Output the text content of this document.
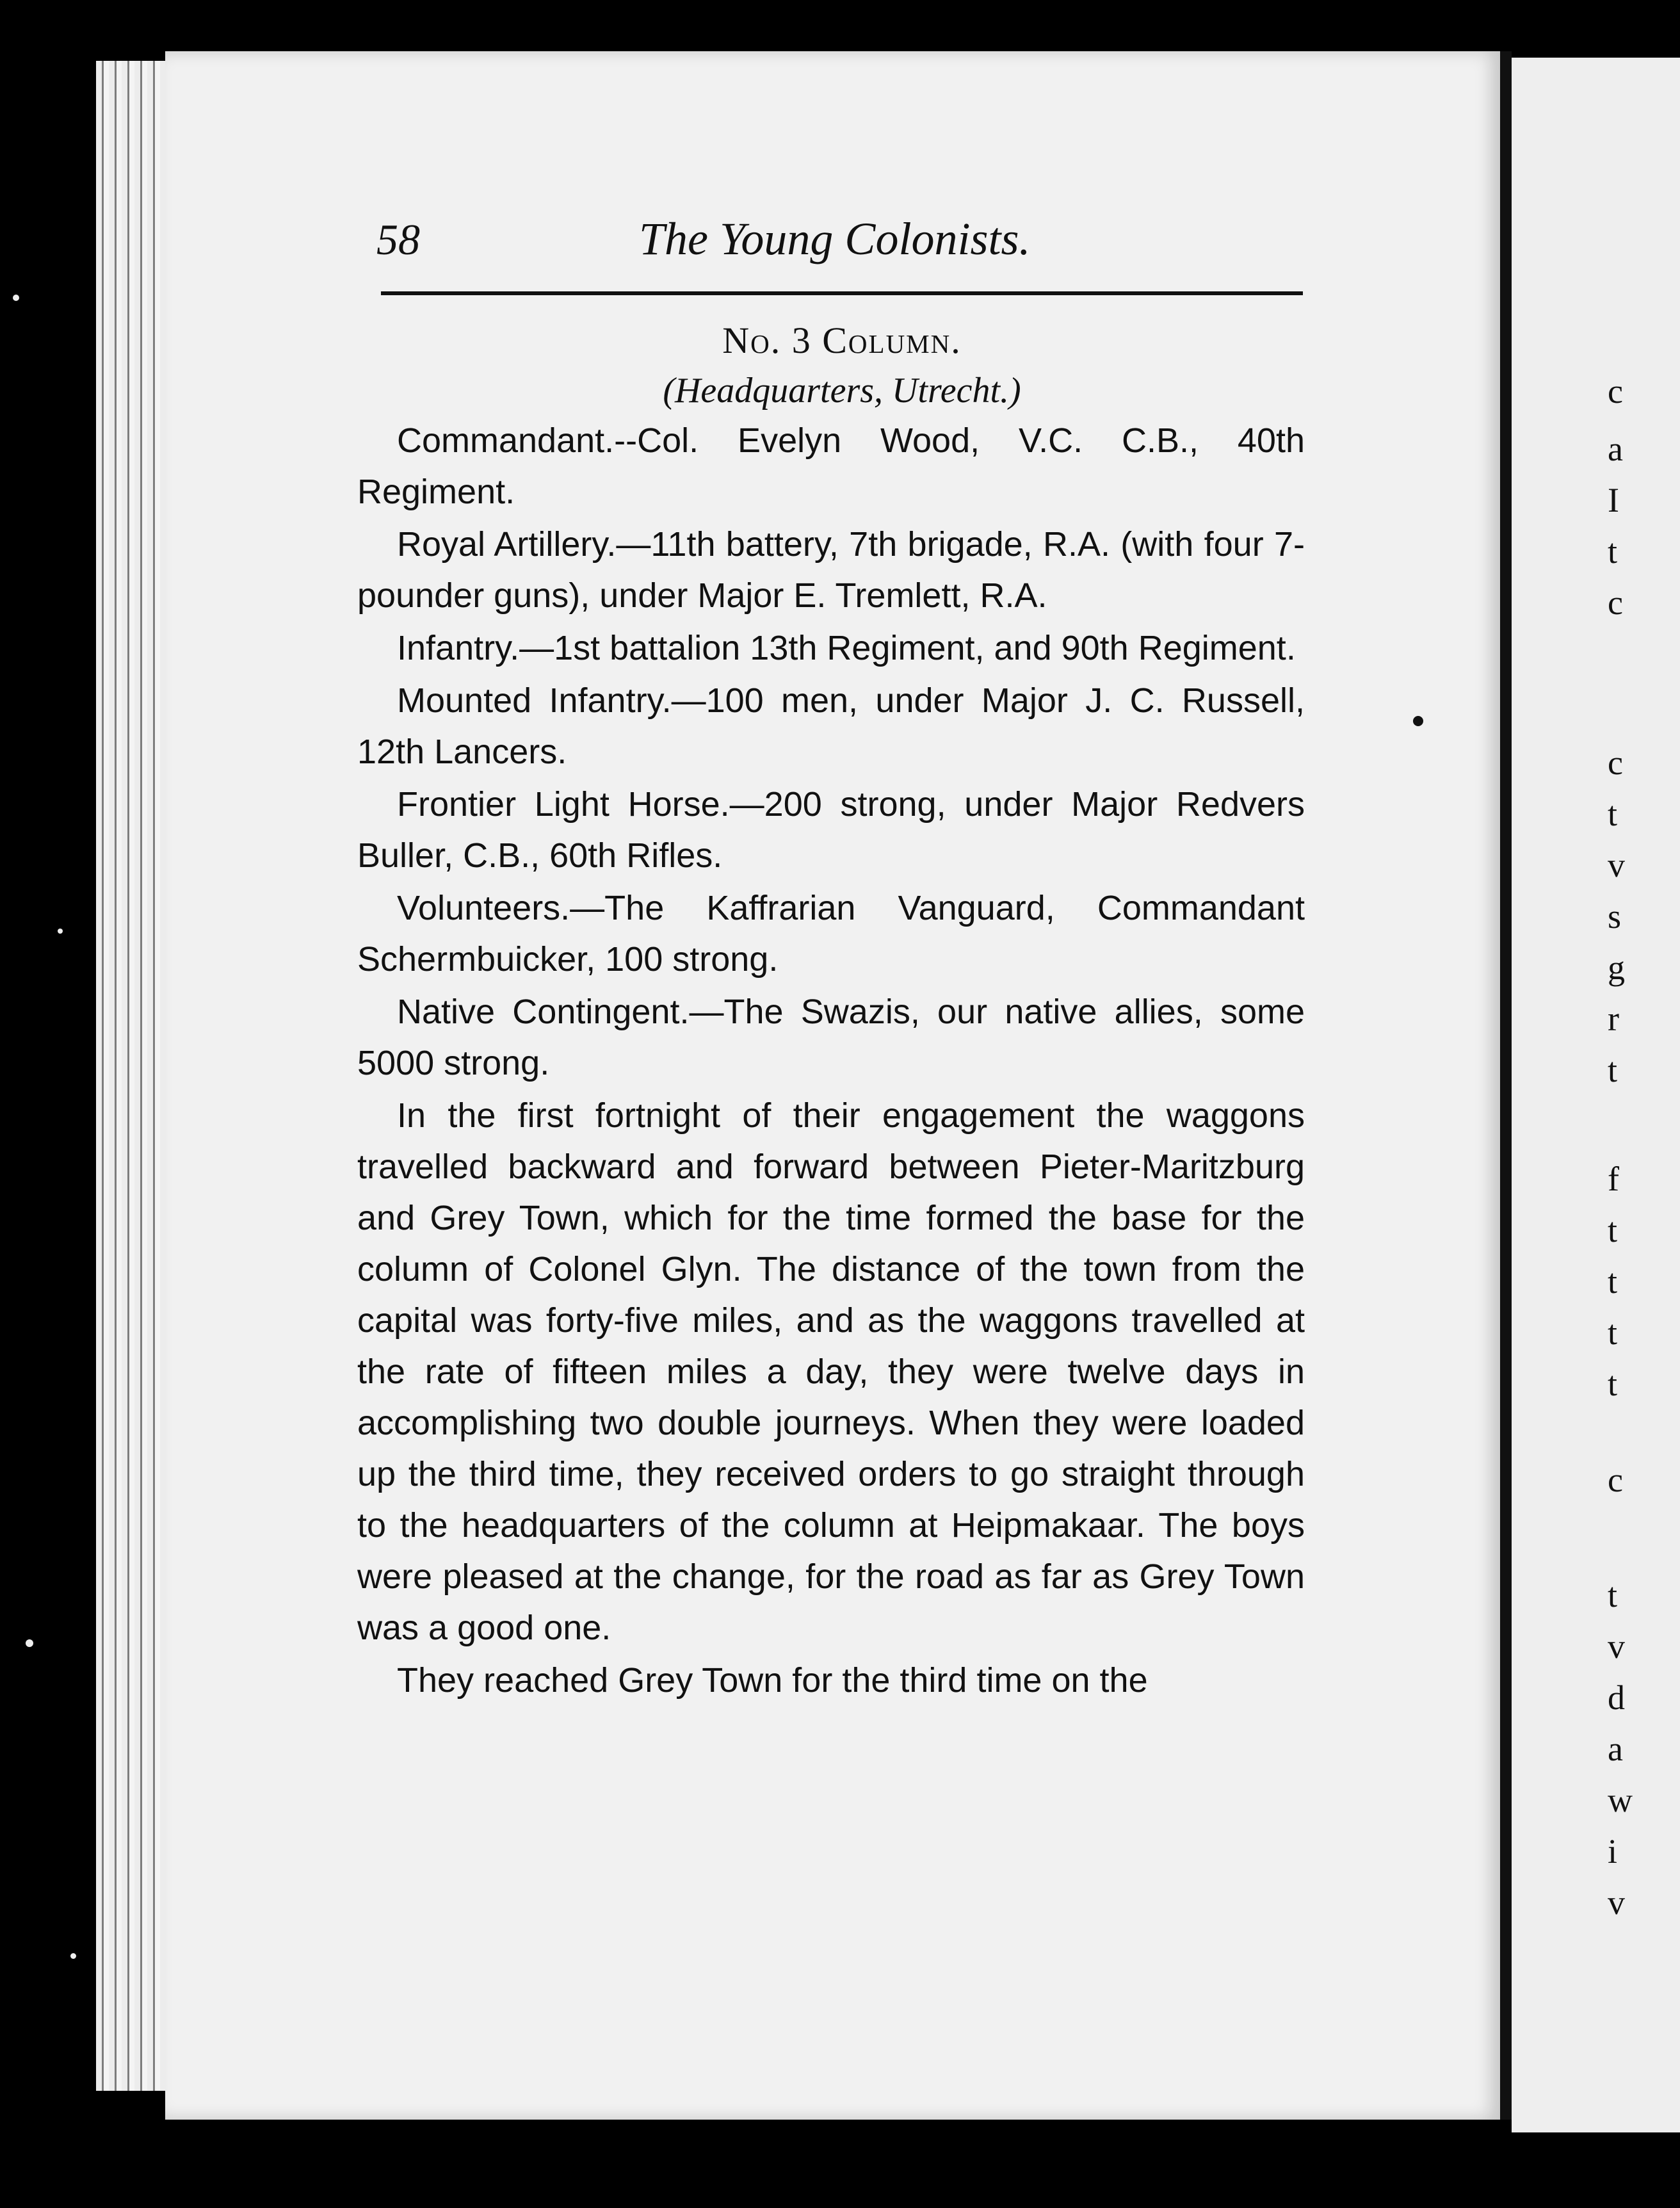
c
a
I
t
c
c
t
v
s
g
r
t
f
t
t
t
t
c
t
v
d
a
w
i
v
58	The Young Colonists.
No. 3 Column.
(Headquarters, Utrecht.)

Commandant.--Col. Evelyn Wood, V.C. C.B., 40th Regiment.

Royal Artillery.—11th battery, 7th brigade, R.A. (with four 7-pounder guns), under Major E. Tremlett, R.A.

Infantry.—1st battalion 13th Regiment, and 90th Regiment.

Mounted Infantry.—100 men, under Major J. C. Russell, 12th Lancers.

Frontier Light Horse.—200 strong, under Major Redvers Buller, C.B., 60th Rifles.

Volunteers.—The Kaffrarian Vanguard, Commandant Schermbuicker, 100 strong.

Native Contingent.—The Swazis, our native allies, some 5000 strong.

In the first fortnight of their engagement the waggons travelled backward and forward between Pieter-Maritzburg and Grey Town, which for the time formed the base for the column of Colonel Glyn. The distance of the town from the capital was forty-five miles, and as the waggons travelled at the rate of fifteen miles a day, they were twelve days in accomplishing two double journeys. When they were loaded up the third time, they received orders to go straight through to the headquarters of the column at Heipmakaar. The boys were pleased at the change, for the road as far as Grey Town was a good one.

They reached Grey Town for the third time on the
